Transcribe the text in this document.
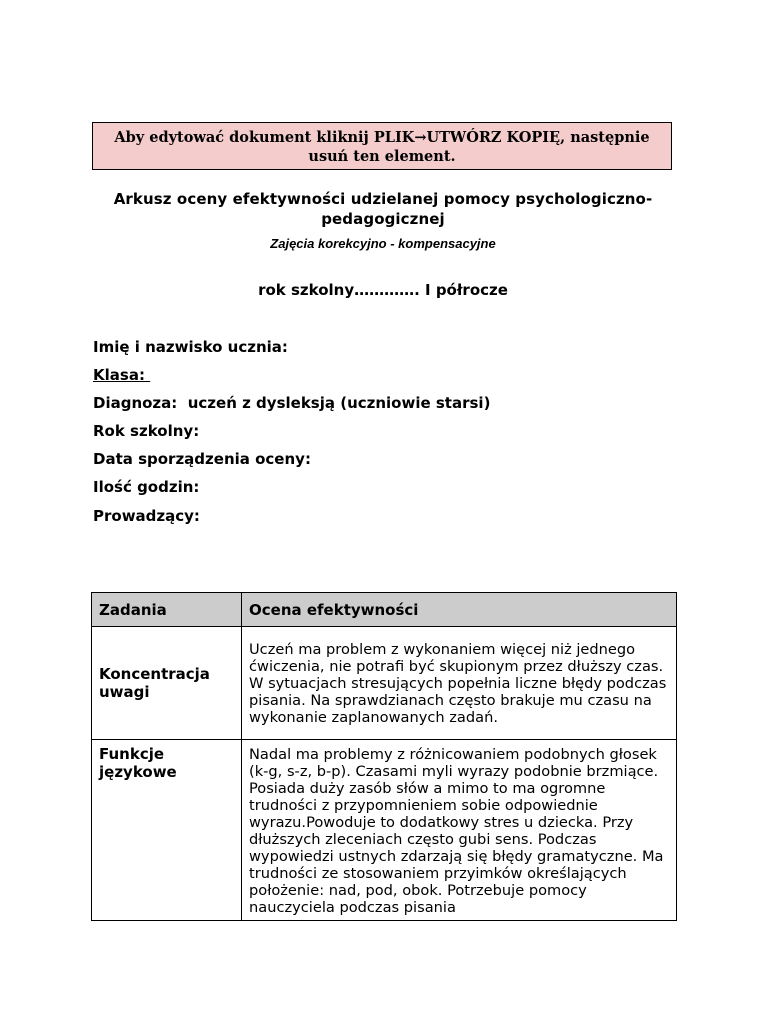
Aby edytować dokument kliknij PLIK→UTWÓRZ KOPIĘ, następnie usuń ten element.
Arkusz oceny efektywności udzielanej pomocy psychologiczno-
pedagogicznej
Zajęcia korekcyjno - kompensacyjne
rok szkolny…………. I półrocze
Imię i nazwisko ucznia:
Klasa:
Diagnoza:  uczeń z dysleksją (uczniowie starsi)
Rok szkolny:
Data sporządzenia oceny:
Ilość godzin:
Prowadzący:
Zadania	Ocena efektywności
Koncentracja uwagi	Uczeń ma problem z wykonaniem więcej niż jednego ćwiczenia, nie potrafi być skupionym przez dłuższy czas. W sytuacjach stresujących popełnia liczne błędy podczas pisania. Na sprawdzianach często brakuje mu czasu na wykonanie zaplanowanych zadań.
Funkcje językowe	Nadal ma problemy z różnicowaniem podobnych głosek (k-g, s-z, b-p). Czasami myli wyrazy podobnie brzmiące. Posiada duży zasób słów a mimo to ma ogromne trudności z przypomnieniem sobie odpowiednie wyrazu.Powoduje to dodatkowy stres u dziecka. Przy dłuższych zleceniach często gubi sens. Podczas wypowiedzi ustnych zdarzają się błędy gramatyczne. Ma trudności ze stosowaniem przyimków określających położenie: nad, pod, obok. Potrzebuje pomocy nauczyciela podczas pisania
